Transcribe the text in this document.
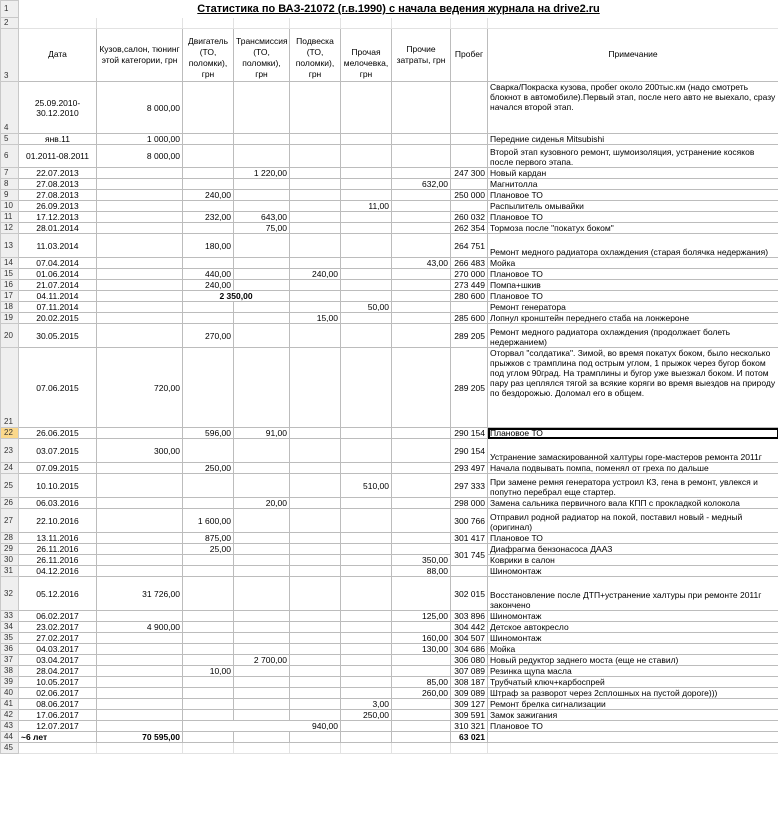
1	Статистика по ВАЗ-21072 (г.в.1990) с начала ведения журнала на drive2.ru								
2									
3	Дата	Кузов,салон, тюнинг этой категории, грн	Двигатель (ТО, поломки), грн	Трансмиссия (ТО, поломки), грн	Подвеска (ТО, поломки), грн	Прочая мелочевка, грн	Прочие затраты, грн	Пробег	Примечание
4	25.09.2010-30.12.2010	8 000,00							Сварка/Покраска кузова, пробег около 200тыс.км (надо смотреть блокнот в автомобиле).Первый этап, после него авто не выехало, сразу начался второй этап.
5	янв.11	1 000,00							Передние сиденья Mitsubishi
6	01.2011-08.2011	8 000,00							Второй этап кузовного ремонт, шумоизоляция, устранение косяков после первого этапа.
7	22.07.2013			1 220,00				247 300	Новый кардан
8	27.08.2013						632,00		Магнитолла
9	27.08.2013		240,00					250 000	Плановое ТО
10	26.09.2013					11,00			Распылитель омывайки
11	17.12.2013		232,00	643,00				260 032	Плановое ТО
12	28.01.2014			75,00				262 354	Тормоза после "покатух боком"
13	11.03.2014		180,00					264 751	Ремонт медного радиатора охлаждения (старая болячка недержания)
14	07.04.2014						43,00	266 483	Мойка
15	01.06.2014		440,00		240,00			270 000	Плановое ТО
16	21.07.2014		240,00					273 449	Помпа+шкив
17	04.11.2014		2 350,00					280 600	Плановое ТО
18	07.11.2014					50,00			Ремонт генератора
19	20.02.2015				15,00			285 600	Лопнул кронштейн переднего стаба на лонжероне
20	30.05.2015		270,00					289 205	Ремонт медного радиатора охлаждения (продолжает болеть недержанием)
21	07.06.2015	720,00						289 205	Оторвал "солдатика". Зимой, во время покатух боком, было несколько прыжков с трамплина под острым углом, 1 прыжок через бугор боком под углом 90град. На трамплины и бугор уже выезжал боком. И потом пару раз цеплялся тягой за всякие коряги во время выездов на природу по бездорожью. Доломал его в общем.
22	26.06.2015		596,00	91,00				290 154	Плановое ТО
23	03.07.2015	300,00						290 154	Устранение замаскированной халтуры горе-мастеров ремонта 2011г
24	07.09.2015		250,00					293 497	Начала подвывать помпа, поменял от греха по дальше
25	10.10.2015					510,00		297 333	При замене ремня генератора устроил КЗ, гена в ремонт, увлекся и попутно перебрал еще стартер.
26	06.03.2016			20,00				298 000	Замена сальника первичного вала КПП с прокладкой колокола
27	22.10.2016		1 600,00					300 766	Отправил родной радиатор на покой, поставил новый - медный (оригинал)
28	13.11.2016		875,00					301 417	Плановое ТО
29	26.11.2016		25,00					301 745	Диафрагма бензонасоса ДААЗ
30	26.11.2016						350,00		Коврики в салон
31	04.12.2016						88,00		Шиномонтаж
32	05.12.2016	31 726,00						302 015	Восстановление после ДТП+устранение халтуры при ремонте 2011г закончено
33	06.02.2017						125,00	303 896	Шиномонтаж
34	23.02.2017	4 900,00						304 442	Детское автокресло
35	27.02.2017						160,00	304 507	Шиномонтаж
36	04.03.2017						130,00	304 686	Мойка
37	03.04.2017			2 700,00				306 080	Новый редуктор заднего моста (еще не ставил)
38	28.04.2017		10,00					307 089	Резинка щупа масла
39	10.05.2017						85,00	308 187	Трубчатый ключ+карбоспрей
40	02.06.2017						260,00	309 089	Штраф за разворот через 2сплошных на пустой дороге)))
41	08.06.2017					3,00		309 127	Ремонт брелка сигнализации
42	17.06.2017					250,00		309 591	Замок зажигания
43	12.07.2017		940,00					310 321	Плановое ТО
44	~6 лет	70 595,00						63 021	
45									
